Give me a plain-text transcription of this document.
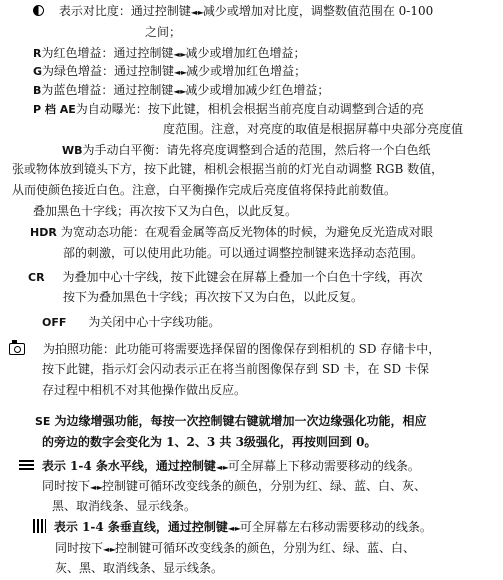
表示对比度：通过控制键◄-►减少或增加对比度，调整数值范围在 0-100
之间；
R为红色增益：通过控制键◄-►减少或增加红色增益；
G为绿色增益：通过控制键◄-►减少或增加红色增益；
B为蓝色增益：通过控制键◄-►减少或增加减少红色增益；
P 档 AE为自动曝光：按下此键，相机会根据当前亮度自动调整到合适的亮
度范围。注意，对亮度的取值是根据屏幕中央部分亮度值
WB为手动白平衡：请先将亮度调整到合适的范围，然后将一个白色纸
张或物体放到镜头下方，按下此键，相机会根据当前的灯光自动调整 RGB 数值，
从而使颜色接近白色。注意，白平衡操作完成后亮度值将保持此前数值。
叠加黑色十字线；再次按下又为白色，以此反复。
HDR 为宽动态功能：在观看金属等高反光物体的时候，为避免反光造成对眼
部的刺激，可以使用此功能。可以通过调整控制键来选择动态范围。
CR 为叠加中心十字线，按下此键会在屏幕上叠加一个白色十字线，再次
按下为叠加黑色十字线；再次按下又为白色，以此反复。
OFF 为关闭中心十字线功能。
为拍照功能：此功能可将需要选择保留的图像保存到相机的 SD 存储卡中，
按下此键，指示灯会闪动表示正在将当前图像保存到 SD 卡，在 SD 卡保
存过程中相机不对其他操作做出反应。
SE 为边缘增强功能，每按一次控制键右键就增加一次边缘强化功能，相应
的旁边的数字会变化为 1、2、3 共 3级强化，再按则回到 0。
表示 1-4 条水平线，通过控制键◄-►可全屏幕上下移动需要移动的线条。
同时按下◄-►控制键可循环改变线条的颜色，分别为红、绿、蓝、白、灰、
黑、取消线条、显示线条。
表示 1-4 条垂直线，通过控制键◄-►可全屏幕左右移动需要移动的线条。
同时按下◄-►控制键可循环改变线条的颜色，分别为红、绿、蓝、白、
灰、黑、取消线条、显示线条。
